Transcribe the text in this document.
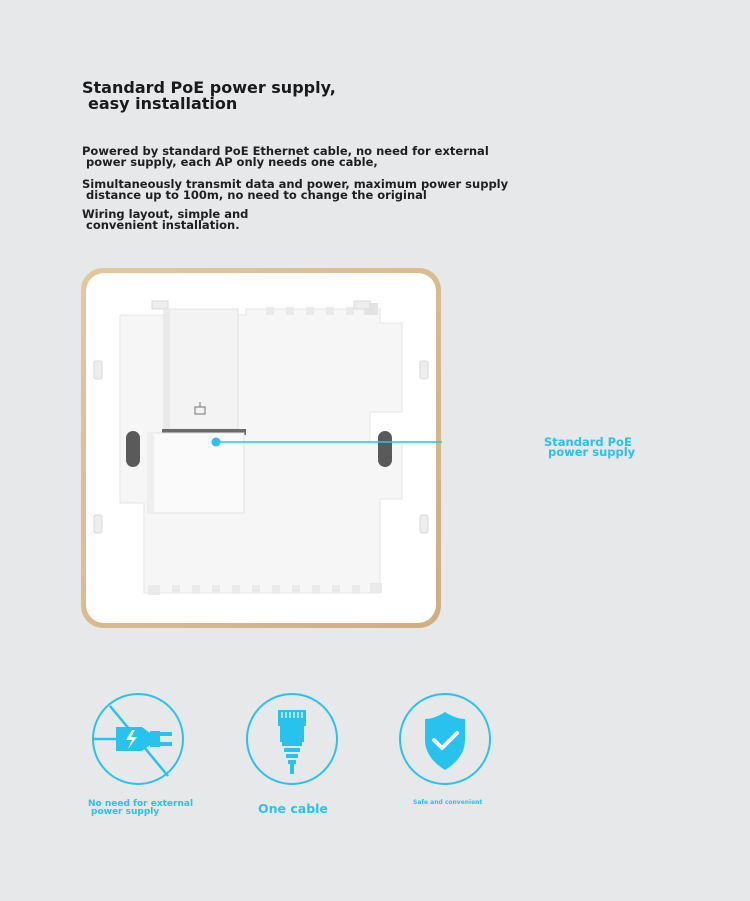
Standard PoE power supply,
easy installation
Powered by standard PoE Ethernet cable, no need for external
power supply, each AP only needs one cable,
Simultaneously transmit data and power, maximum power supply
distance up to 100m, no need to change the original
Wiring layout, simple and
convenient installation.
Standard PoE
power supply
No need for external
power supply	One cable	Safe and convenient
